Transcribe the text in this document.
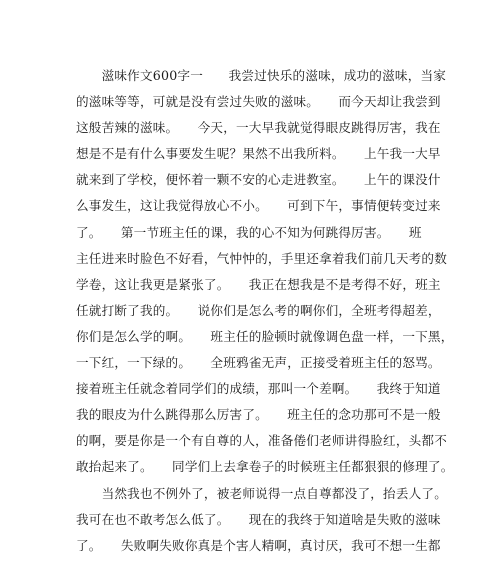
　　滋味作文600字一　　我尝过快乐的滋味，成功的滋味，当家
的滋味等等，可就是没有尝过失败的滋味。　　而今天却让我尝到
这般苦辣的滋味。　　今天，一大早我就觉得眼皮跳得厉害，我在
想是不是有什么事要发生呢？果然不出我所料。　　上午我一大早
就来到了学校，便怀着一颗不安的心走进教室。　　上午的课没什
么事发生，这让我觉得放心不小。　　可到下午，事情便转变过来
了。　　第一节班主任的课，我的心不知为何跳得厉害。　　班
主任进来时脸色不好看，气忡忡的，手里还拿着我们前几天考的数
学卷，这让我更是紧张了。　　我正在想我是不是考得不好，班主
任就打断了我的。　　说你们是怎么考的啊你们，全班考得超差，
你们是怎么学的啊。　　班主任的脸顿时就像调色盘一样，一下黑，
一下红，一下绿的。　　全班鸦雀无声，正接受着班主任的怒骂。
接着班主任就念着同学们的成绩，那叫一个差啊。　　我终于知道
我的眼皮为什么跳得那么厉害了。　　班主任的念功那可不是一般
的啊，要是你是一个有自尊的人，准备倦们老师讲得脸红，头都不
敢抬起来了。　　同学们上去拿卷子的时候班主任都狠狠的修理了。
　　当然我也不例外了，被老师说得一点自尊都没了，抬丢人了。
我可在也不敢考怎么低了。　　现在的我终于知道啥是失败的滋味
了。　　失败啊失败你真是个害人精啊，真讨厌，我可不想一生都
